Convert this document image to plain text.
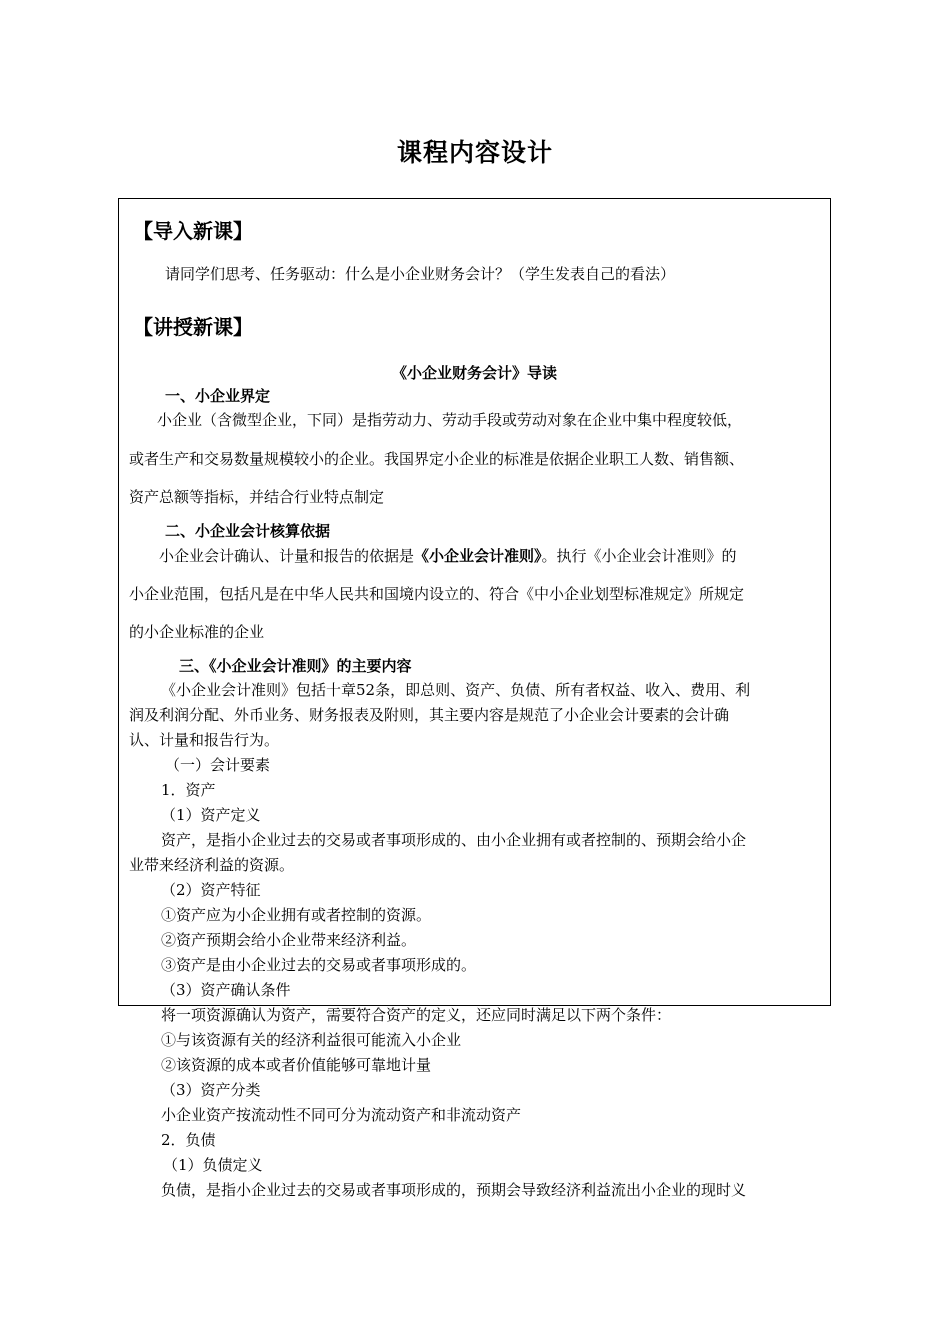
课程内容设计
【导入新课】
请同学们思考、任务驱动：什么是小企业财务会计？（学生发表自己的看法）
【讲授新课】
《小企业财务会计》导读
一、小企业界定
小企业（含微型企业，下同）是指劳动力、劳动手段或劳动对象在企业中集中程度较低，
或者生产和交易数量规模较小的企业。我国界定小企业的标准是依据企业职工人数、销售额、
资产总额等指标，并结合行业特点制定
二、小企业会计核算依据
小企业会计确认、计量和报告的依据是《小企业会计准则》。执行《小企业会计准则》的
小企业范围，包括凡是在中华人民共和国境内设立的、符合《中小企业划型标准规定》所规定
的小企业标准的企业
三、《小企业会计准则》的主要内容
《小企业会计准则》包括十章52条，即总则、资产、负债、所有者权益、收入、费用、利
润及利润分配、外币业务、财务报表及附则，其主要内容是规范了小企业会计要素的会计确
认、计量和报告行为。
（一）会计要素
1．资产
（1）资产定义
资产，是指小企业过去的交易或者事项形成的、由小企业拥有或者控制的、预期会给小企
业带来经济利益的资源。
（2）资产特征
①资产应为小企业拥有或者控制的资源。
②资产预期会给小企业带来经济利益。
③资产是由小企业过去的交易或者事项形成的。
（3）资产确认条件
将一项资源确认为资产，需要符合资产的定义，还应同时满足以下两个条件：
①与该资源有关的经济利益很可能流入小企业
②该资源的成本或者价值能够可靠地计量
（3）资产分类
小企业资产按流动性不同可分为流动资产和非流动资产
2．负债
（1）负债定义
负债，是指小企业过去的交易或者事项形成的，预期会导致经济利益流出小企业的现时义
